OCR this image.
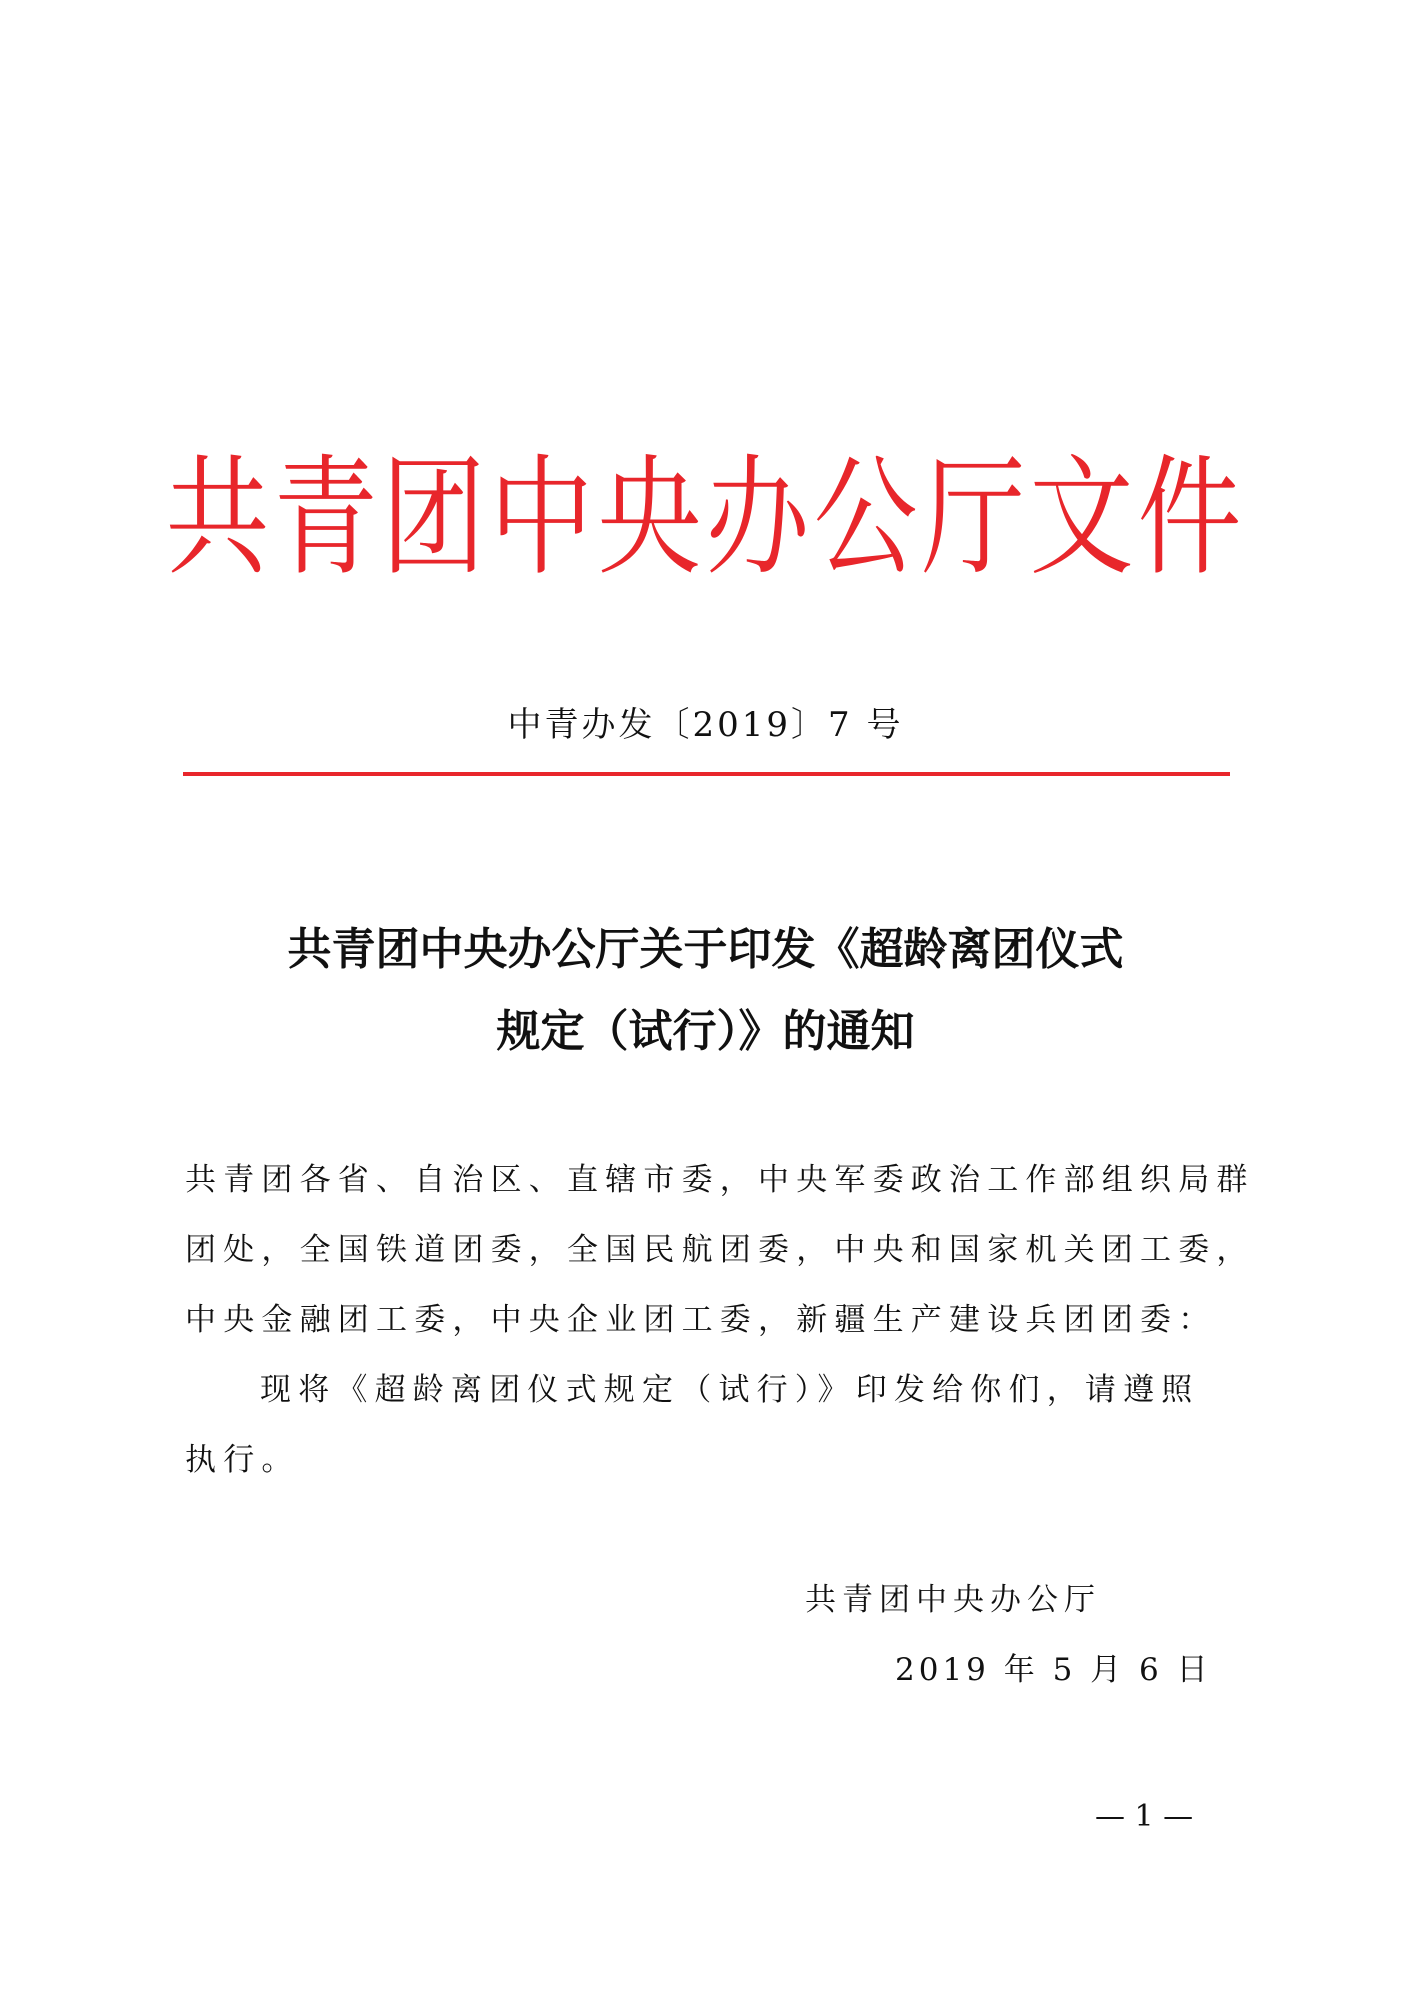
共青团中央办公厅文件
中青办发〔2019〕7 号
共青团中央办公厅关于印发《超龄离团仪式
规定（试行）》的通知
共青团各省、自治区、直辖市委，中央军委政治工作部组织局群
团处，全国铁道团委，全国民航团委，中央和国家机关团工委，
中央金融团工委，中央企业团工委，新疆生产建设兵团团委：
现将《超龄离团仪式规定（试行）》印发给你们，请遵照
执行。
共青团中央办公厅
2019 年 5 月 6 日
— 1 —
